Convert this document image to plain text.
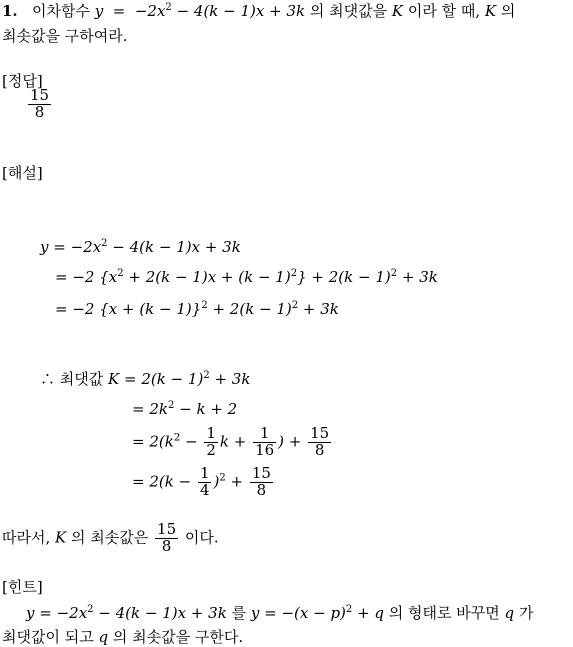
1. 이차함수 $y = -2x^2 - 4(k - 1)x + 3k$ 의 최댓값을 K 이라 할 때, K 의
최솟값을 구하여라.
[정답]
$\frac{15}{8}$
[해설]
$y = -2x^2 - 4(k - 1)x + 3k$
= −2 $\{x^2 + 2(k - 1)x + (k - 1)^2\} + 2(k - 1)^2 + 3k$
= −2 $\{x + (k - 1)\}^2 + 2(k - 1)^2 + 3k$
∴ 최댓값 $K = 2(k - 1)^2 + 3k$
= $2k^2 - k + 2$
= $2(k^2 - \frac{1}{2}$ $k + \frac{1}{16}$ ) + $\frac{15}{8}$
= $2(k - \frac{1}{4} )^2 + \frac{15}{8}$
따라서, K 의 최솟값은 $\frac{15}{8}$ 이다.
[힌트]
$y = -2x^2 - 4(k - 1)x + 3k$ 를 $y = -(x - p)^2 + q$ 의 형태로 바꾸면 q 가
최댓값이 되고 q 의 최솟값을 구한다.
